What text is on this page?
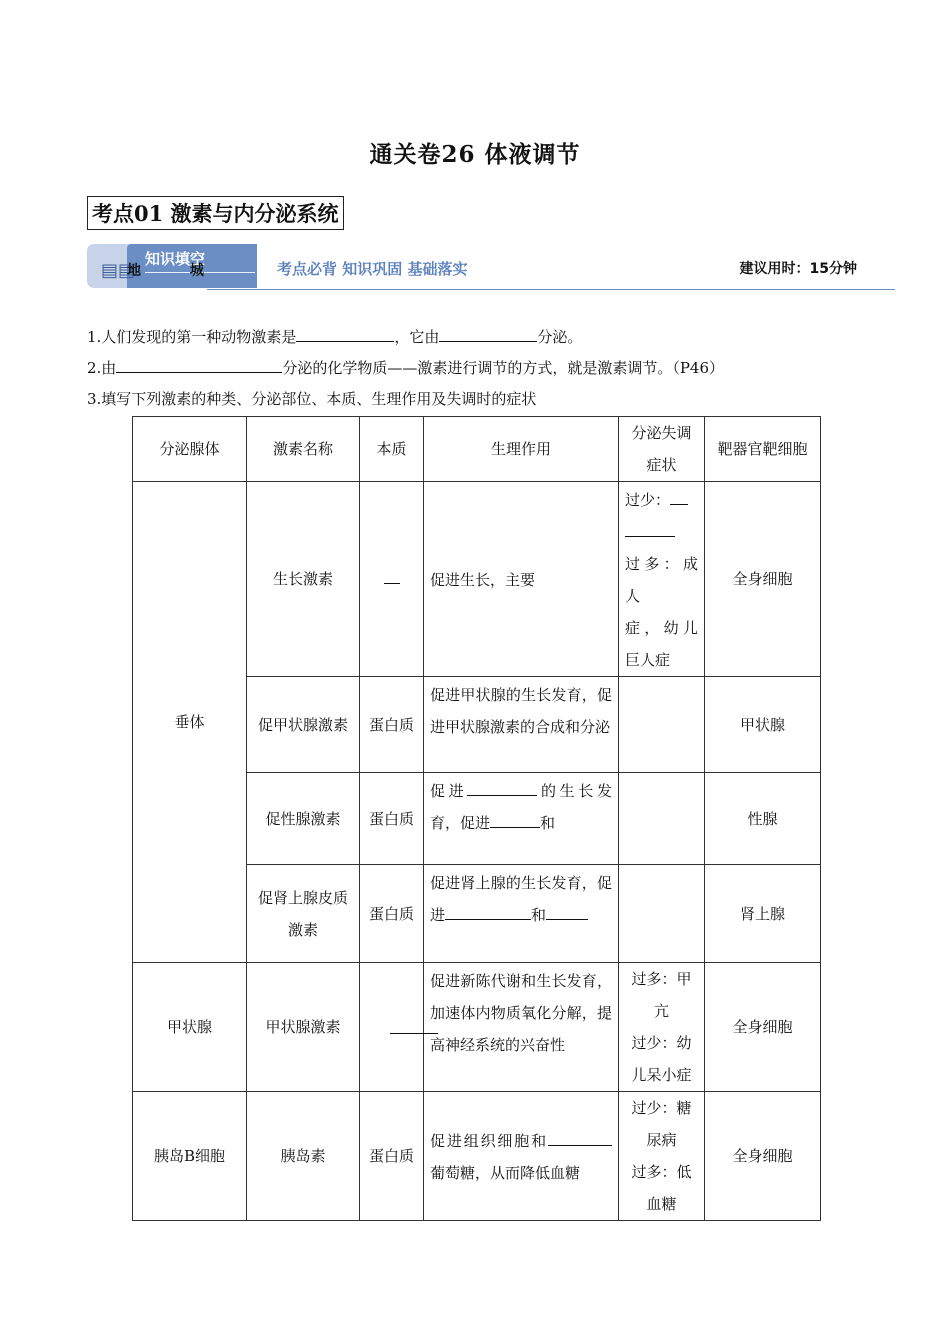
通关卷26 体液调节
考点01 激素与内分泌系统
知识填空
▤▤
地 城	考点必背 知识巩固 基础落实	建议用时：15分钟
1.人们发现的第一种动物激素是	，它由	分泌。
2.由	分泌的化学物质——激素进行调节的方式，就是激素调节。（P46）
3.填写下列激素的种类、分泌部位、本质、生理作用及失调时的症状
分泌腺体	激素名称	本质	生理作用	分泌失调症状	靶器官靶细胞
垂体	生长激素		促进生长，主要	过少：

过多：成人
症，幼儿巨人症	全身细胞
	促甲状腺激素	蛋白质	促进甲状腺的生长发育，促进甲状腺激素的合成和分泌		甲状腺
	促性腺激素	蛋白质	促进 的生长发育，促进 和		性腺
	促肾上腺皮质激素	蛋白质	促进肾上腺的生长发育，促进 和		肾上腺
甲状腺	甲状腺激素		促进新陈代谢和生长发育，加速体内物质氧化分解，提高神经系统的兴奋性	过多：甲亢
过少：幼儿呆小症	全身细胞
胰岛B细胞	胰岛素	蛋白质	促进组织细胞和葡萄糖，从而降低血糖	过少：糖尿病
过多：低血糖	全身细胞
